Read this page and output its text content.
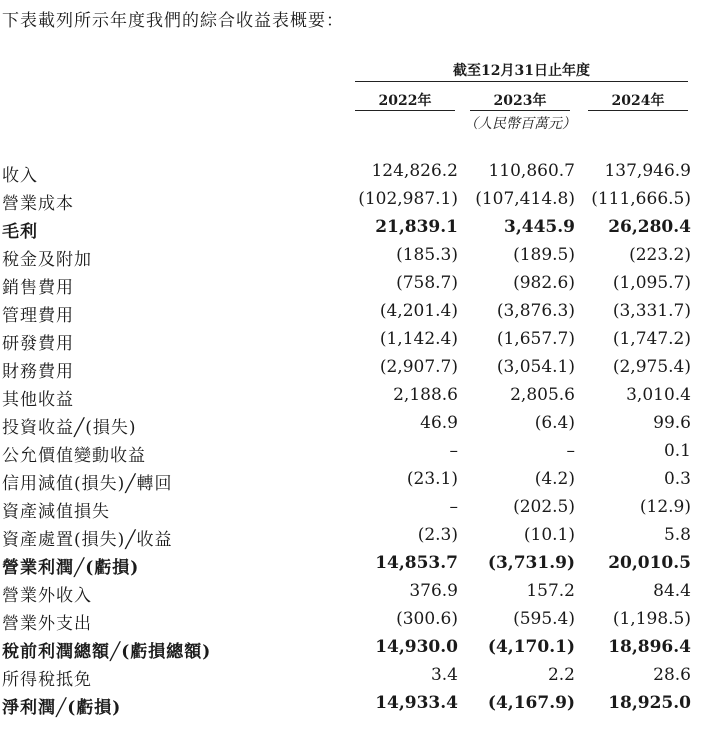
下表載列所示年度我們的綜合收益表概要：
截至12月31日止年度
2022年	2023年	2024年
（人民幣百萬元）
收入 . . .	124,826.2 110,860.7 137,946.9
營業成本 . . .	(102,987.1) (107,414.8) (111,666.5)
毛利 . . .	21,839.1	3,445.9 26,280.4
稅金及附加 . . .	(185.3)	(189.5)	(223.2)
銷售費用 . . .	(758.7)	(982.6) (1,095.7)
管理費用 . . .	(4,201.4) (3,876.3) (3,331.7)
研發費用 . . .	(1,142.4) (1,657.7) (1,747.2)
財務費用 . . .	(2,907.7) (3,054.1) (2,975.4)
其他收益 . . .	2,188.6	2,805.6	3,010.4
投資收益╱(損失) . . .	46.9	(6.4)	99.6
公允價值變動收益 . . .	–	–	0.1
信用減值(損失)╱轉回 . . .	(23.1)	(4.2)	0.3
資產減值損失 . . .	–	(202.5)	(12.9)
資產處置(損失)╱收益 . . .	(2.3)	(10.1)	5.8
營業利潤╱(虧損) . . .	14,853.7 (3,731.9) 20,010.5
營業外收入 . . .	376.9	157.2	84.4
營業外支出 . . .	(300.6)	(595.4) (1,198.5)
稅前利潤總額╱(虧損總額) . . .	14,930.0 (4,170.1) 18,896.4
所得稅抵免 . . .	3.4	2.2	28.6
淨利潤╱(虧損) . . .	14,933.4 (4,167.9) 18,925.0
